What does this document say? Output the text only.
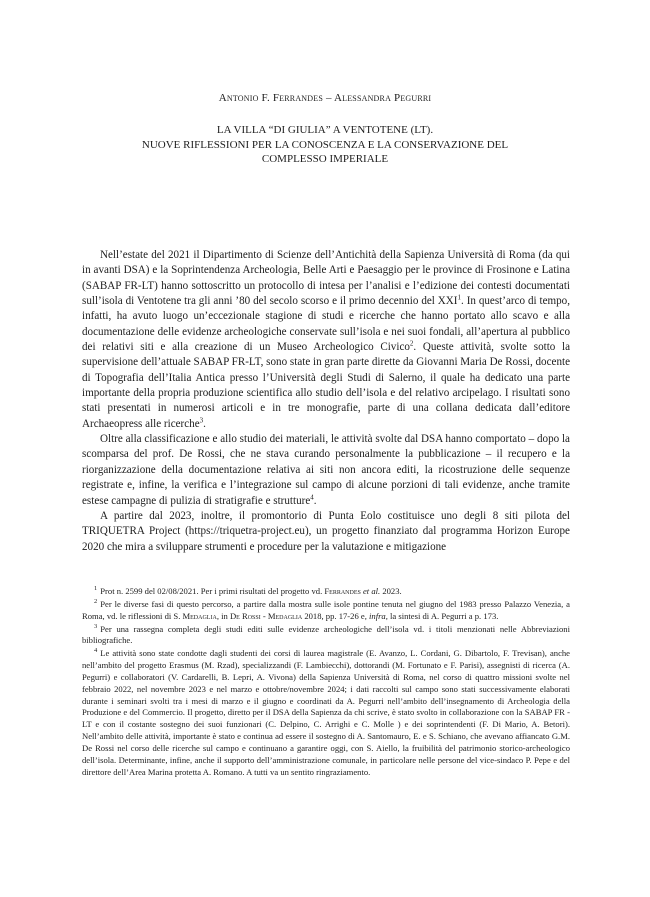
Antonio F. Ferrandes – Alessandra Pegurri
LA VILLA “DI GIULIA” A VENTOTENE (LT).
NUOVE RIFLESSIONI PER LA CONOSCENZA E LA CONSERVAZIONE DEL
COMPLESSO IMPERIALE

Nell’estate del 2021 il Dipartimento di Scienze dell’Antichità della Sapienza Università di Roma (da qui in avanti DSA) e la Soprintendenza Archeologia, Belle Arti e Paesaggio per le province di Frosinone e Latina (SABAP FR-LT) hanno sottoscritto un protocollo di intesa per l’analisi e l’edizione dei contesti documentati sull’isola di Ventotene tra gli anni ’80 del secolo scorso e il primo decennio del XXI$^1$. In quest’arco di tempo, infatti, ha avuto luogo un’eccezionale stagione di studi e ricerche che hanno portato allo scavo e alla documentazione delle evidenze archeologiche conservate sull’isola e nei suoi fondali, all’apertura al pubblico dei relativi siti e alla creazione di un Museo Archeologico Civico$^2$. Queste attività, svolte sotto la supervisione dell’attuale SABAP FR-LT, sono state in gran parte dirette da Giovanni Maria De Rossi, docente di Topografia dell’Italia Antica presso l’Università degli Studi di Salerno, il quale ha dedicato una parte importante della propria produzione scientifica allo studio dell’isola e del relativo arcipelago. I risultati sono stati presentati in numerosi articoli e in tre monografie, parte di una collana dedicata dall’editore Archaeopress alle ricerche$^3$.

Oltre alla classificazione e allo studio dei materiali, le attività svolte dal DSA hanno comportato – dopo la scomparsa del prof. De Rossi, che ne stava curando personalmente la pubblicazione – il recupero e la riorganizzazione della documentazione relativa ai siti non ancora editi, la ricostruzione delle sequenze registrate e, infine, la verifica e l’integrazione sul campo di alcune porzioni di tali evidenze, anche tramite estese campagne di pulizia di stratigrafie e strutture$^4$.

A partire dal 2023, inoltre, il promontorio di Punta Eolo costituisce uno degli 8 siti pilota del TRIQUETRA Project (https://triquetra-project.eu), un progetto finanziato dal programma Horizon Europe 2020 che mira a sviluppare strumenti e procedure per la valutazione e mitigazione

$^1$ Prot n. 2599 del 02/08/2021. Per i primi risultati del progetto vd. Ferrandes et al. 2023.

$^2$ Per le diverse fasi di questo percorso, a partire dalla mostra sulle isole pontine tenuta nel giugno del 1983 presso Palazzo Venezia, a Roma, vd. le riflessioni di S. Medaglia, in De Rossi - Medaglia 2018, pp. 17-26 e, infra, la sintesi di A. Pegurri a p. 173.

$^3$ Per una rassegna completa degli studi editi sulle evidenze archeologiche dell’isola vd. i titoli menzionati nelle Abbreviazioni bibliografiche.

$^4$ Le attività sono state condotte dagli studenti dei corsi di laurea magistrale (E. Avanzo, L. Cordani, G. Dibartolo, F. Trevisan), anche nell’ambito del progetto Erasmus (M. Rzad), specializzandi (F. Lambiecchi), dottorandi (M. Fortunato e F. Parisi), assegnisti di ricerca (A. Pegurri) e collaboratori (V. Cardarelli, B. Lepri, A. Vivona) della Sapienza Università di Roma, nel corso di quattro missioni svolte nel febbraio 2022, nel novembre 2023 e nel marzo e ottobre/novembre 2024; i dati raccolti sul campo sono stati successivamente elaborati durante i seminari svolti tra i mesi di marzo e il giugno e coordinati da A. Pegurri nell’ambito dell’insegnamento di Archeologia della Produzione e del Commercio. Il progetto, diretto per il DSA della Sapienza da chi scrive, è stato svolto in collaborazione con la SABAP FR - LT e con il costante sostegno dei suoi funzionari (C. Delpino, C. Arrighi e C. Molle ) e dei soprintendenti (F. Di Mario, A. Betori). Nell’ambito delle attività, importante è stato e continua ad essere il sostegno di A. Santomauro, E. e S. Schiano, che avevano affiancato G.M. De Rossi nel corso delle ricerche sul campo e continuano a garantire oggi, con S. Aiello, la fruibilità del patrimonio storico-archeologico dell’isola. Determinante, infine, anche il supporto dell’amministrazione comunale, in particolare nelle persone del vice-sindaco P. Pepe e del direttore dell’Area Marina protetta A. Romano. A tutti va un sentito ringraziamento.
